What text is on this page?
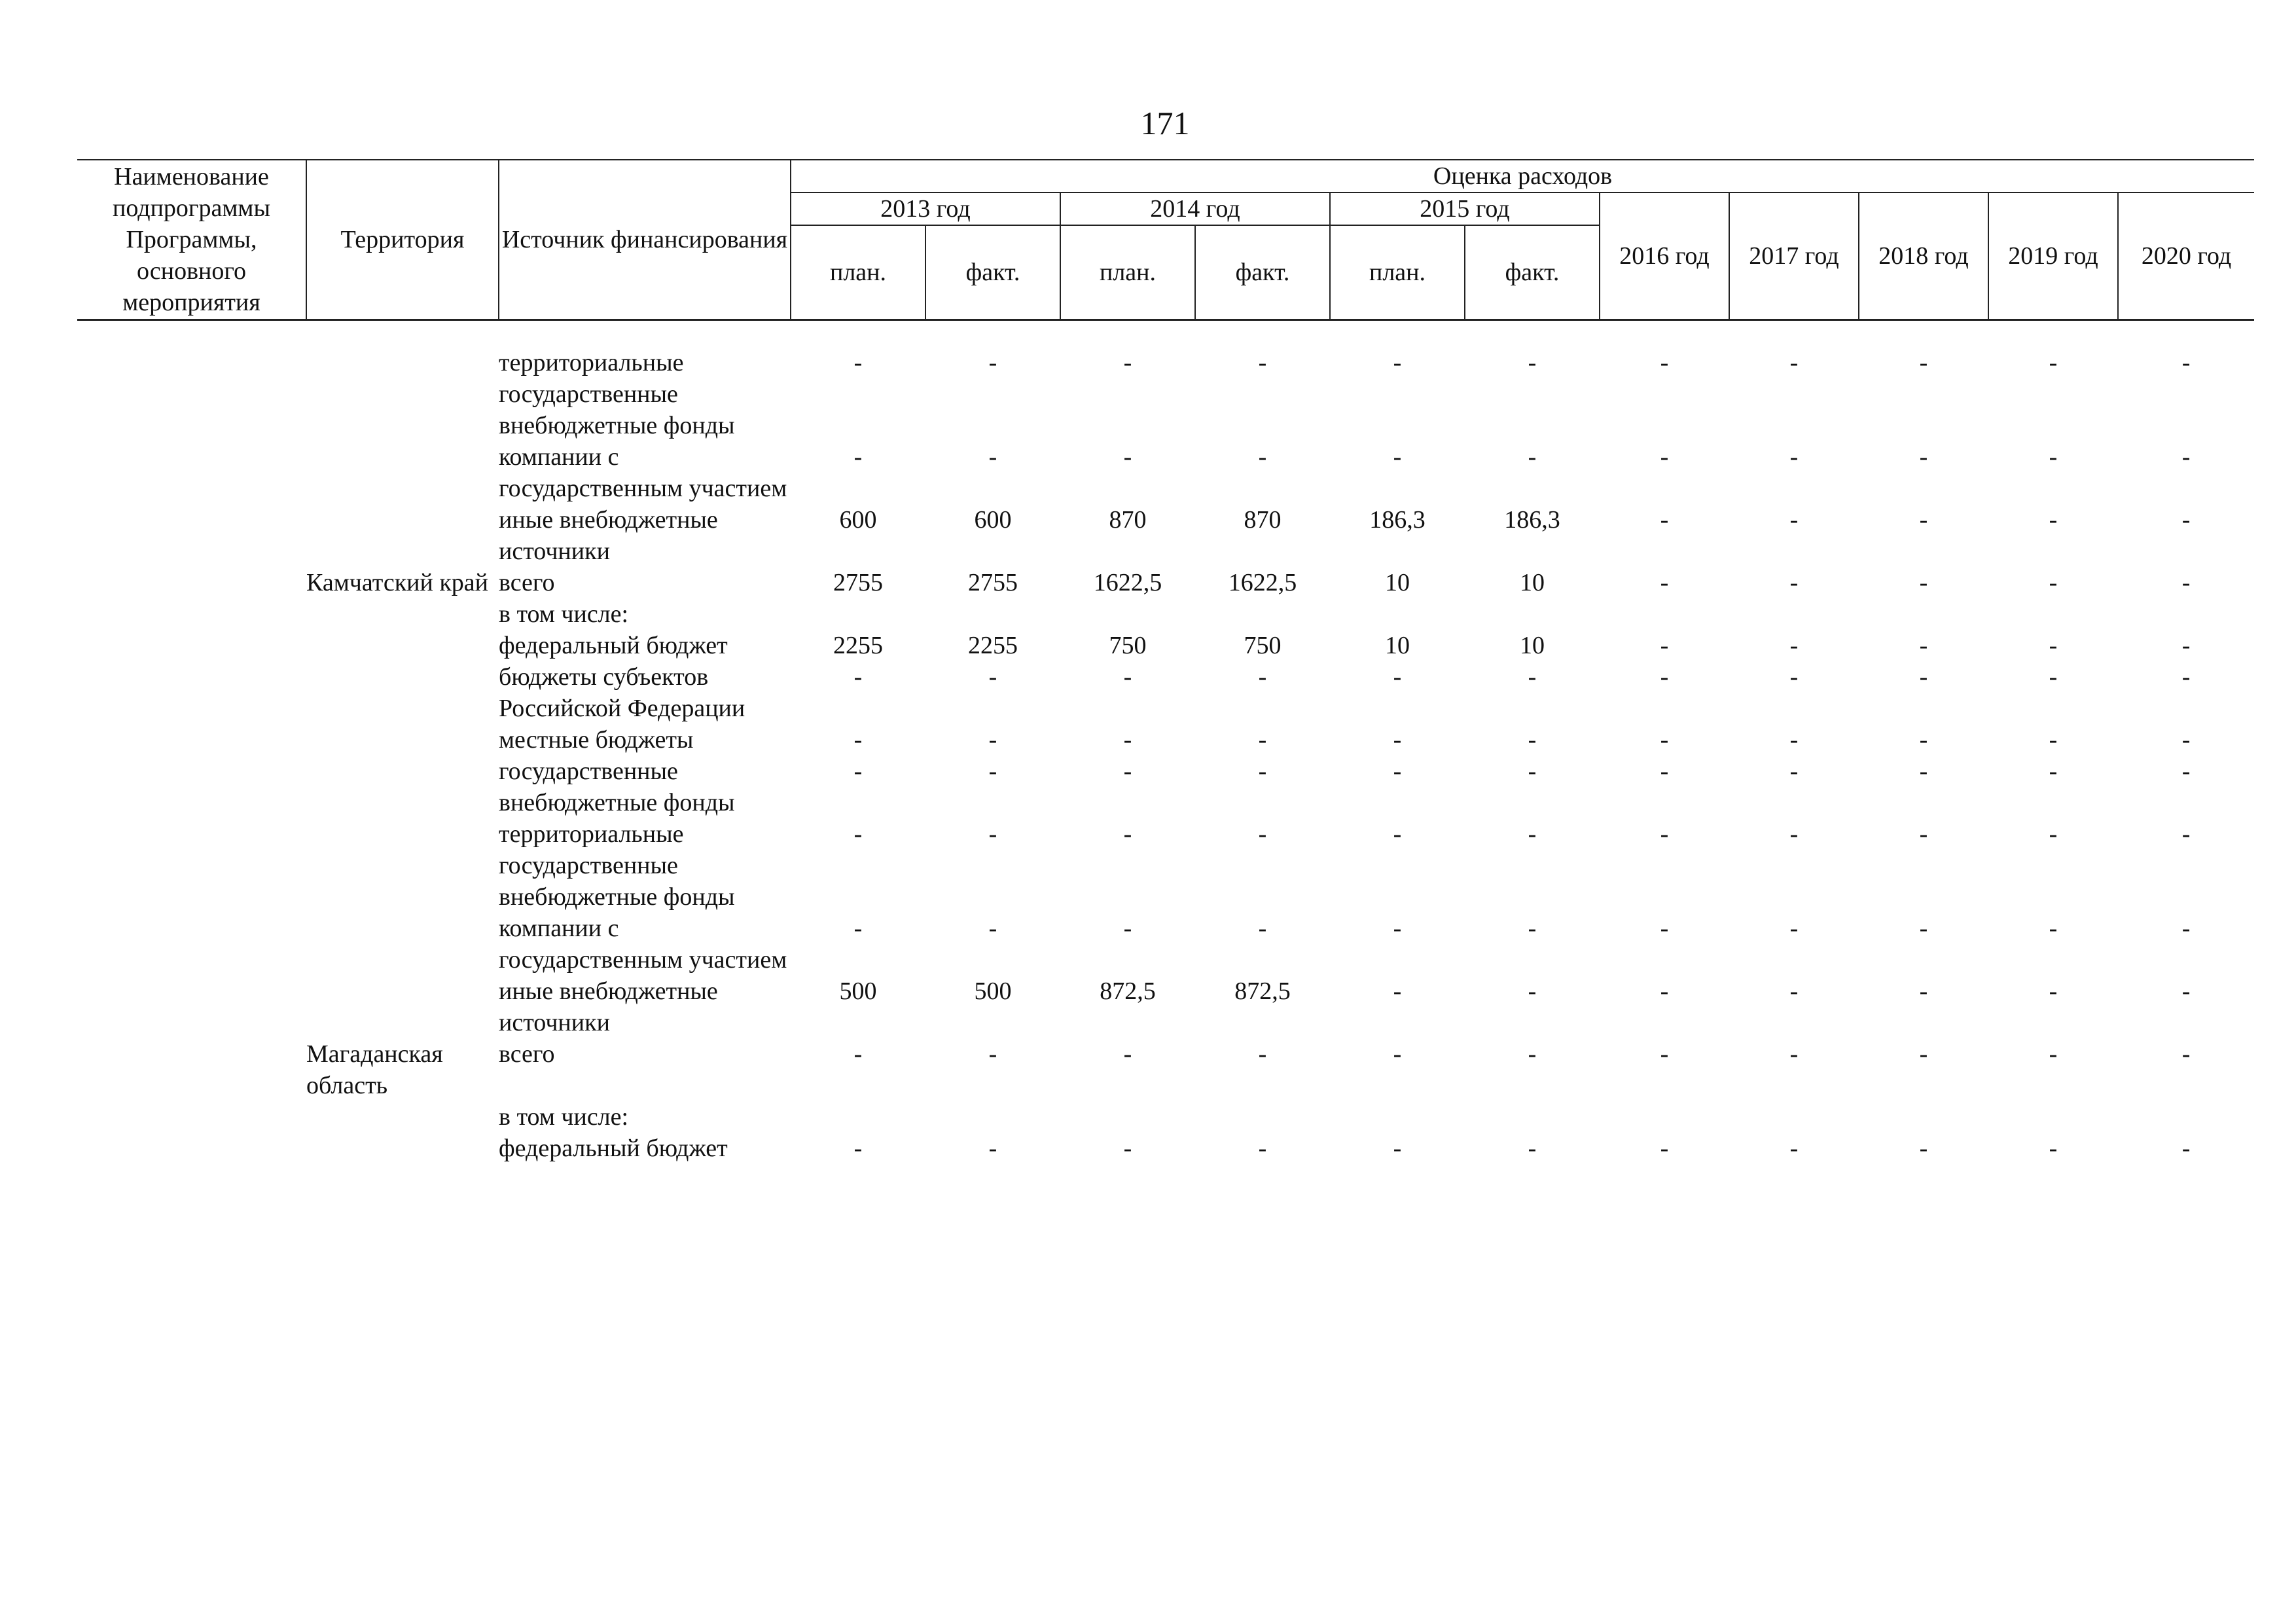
171
Наименование подпрограммы Программы, основного мероприятия	Территория	Источник финансирования	Оценка расходов										
			2013 год		2014 год		2015 год		2016 год	2017 год	2018 год	2019 год	2020 год
			план.	факт.	план.	факт.	план.	факт.					

		территориальные государственные внебюджетные фонды	-	-	-	-	-	-	-	-	-	-	-
		компании с государственным участием	-	-	-	-	-	-	-	-	-	-	-
		иные внебюджетные источники	600	600	870	870	186,3	186,3	-	-	-	-	-
	Камчатский край	всего	2755	2755	1622,5	1622,5	10	10	-	-	-	-	-
		в том числе:											
		федеральный бюджет	2255	2255	750	750	10	10	-	-	-	-	-
		бюджеты субъектов Российской Федерации	-	-	-	-	-	-	-	-	-	-	-
		местные бюджеты	-	-	-	-	-	-	-	-	-	-	-
		государственные внебюджетные фонды	-	-	-	-	-	-	-	-	-	-	-
		территориальные государственные внебюджетные фонды	-	-	-	-	-	-	-	-	-	-	-
		компании с государственным участием	-	-	-	-	-	-	-	-	-	-	-
		иные внебюджетные источники	500	500	872,5	872,5	-	-	-	-	-	-	-
	Магаданская область	всего	-	-	-	-	-	-	-	-	-	-	-
		в том числе:											
		федеральный бюджет	-	-	-	-	-	-	-	-	-	-	-
